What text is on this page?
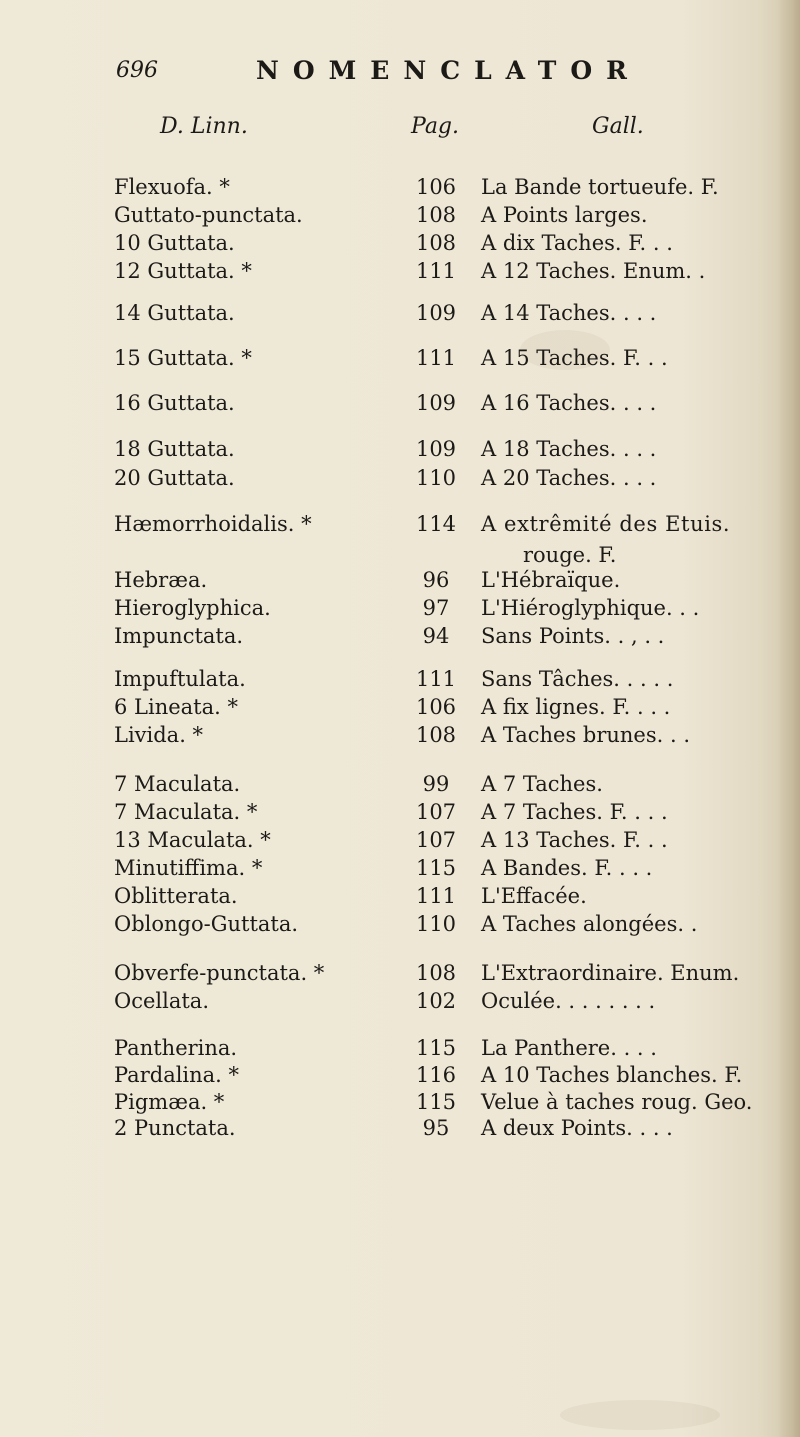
696	NOMENCLATOR
D. Linn.	Pag.	Gall.
Flexuofa. *	106 La Bande tortueufe. F.
Guttato-punctata.	108 A Points larges.
10 Guttata.	108 A dix Taches. F. . .
12 Guttata. *	111 A 12 Taches. Enum. .
14 Guttata.	109 A 14 Taches. . . .
15 Guttata. *	111 A 15 Taches. F. . .
16 Guttata.	109 A 16 Taches. . . .
18 Guttata.	109 A 18 Taches. . . .
20 Guttata.	110 A 20 Taches. . . .
Hæmorrhoidalis. *	114 A extrêmité des Etuis.
rouge. F.
Hebræa.	96	L'Hébraïque.
Hieroglyphica.	97	L'Hiéroglyphique. . .
Impunctata.	94	Sans Points. . , . .
Impuftulata.	111 Sans Tâches. . . . .
6 Lineata. *	106 A fix lignes. F. . . .
Livida. *	108 A Taches brunes. . .
7 Maculata.	99	A 7 Taches.
7 Maculata. *	107 A 7 Taches. F. . . .
13 Maculata. *	107 A 13 Taches. F. . .
Minutiffima. *	115 A Bandes. F. . . .
Oblitterata.	111 L'Effacée.
Oblongo-Guttata.	110 A Taches alongées. .
Obverfe-punctata. *	108 L'Extraordinaire. Enum.
Ocellata.	102 Oculée. . . . . . . .
Pantherina.	115 La Panthere. . . .
Pardalina. *	116 A 10 Taches blanches. F.
Pigmæa. *	115 Velue à taches roug. Geo.
2 Punctata.	95	A deux Points. . . .
